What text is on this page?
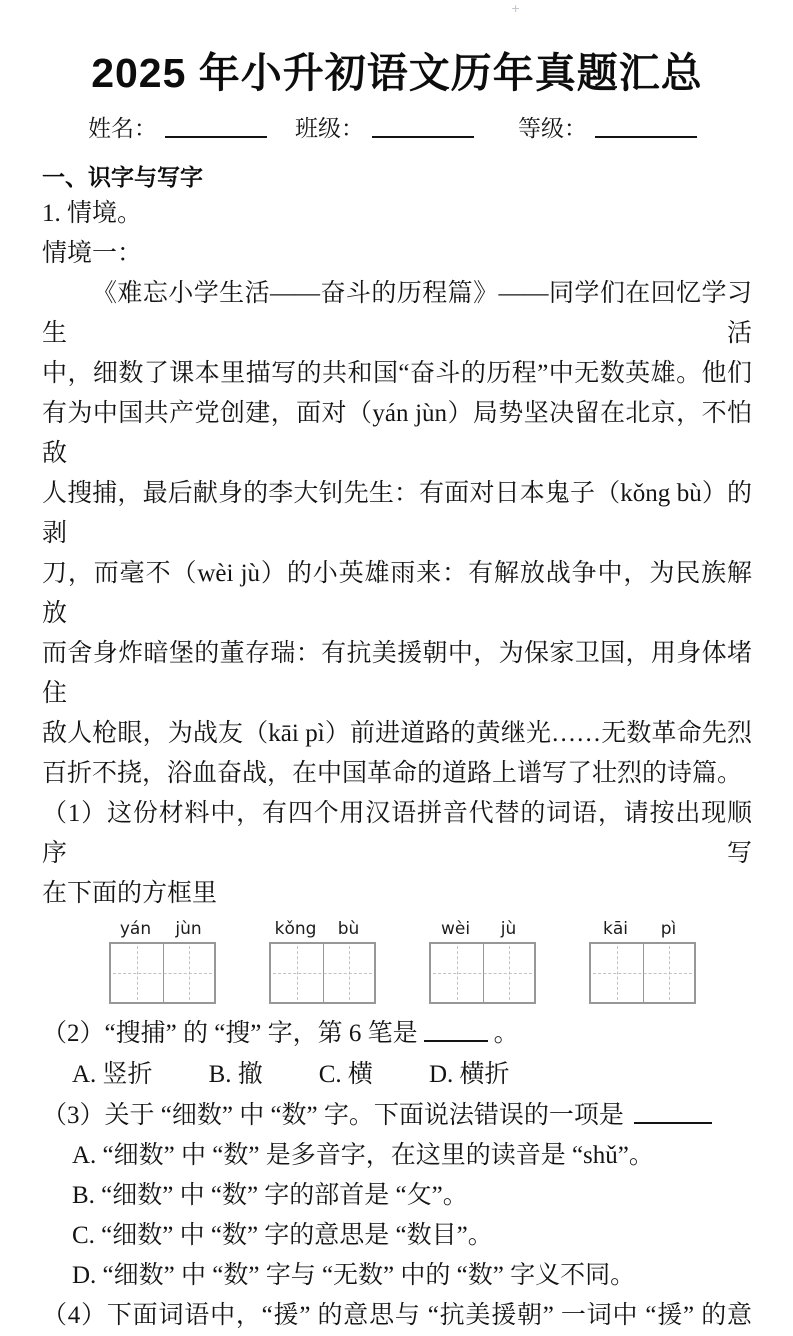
+
2025 年小升初语文历年真题汇总
姓名：	班级：	等级：
一、识字与写字
1. 情境。
情境一：
《难忘小学生活——奋斗的历程篇》——同学们在回忆学习生活
中，细数了课本里描写的共和国“奋斗的历程”中无数英雄。他们
有为中国共产党创建，面对（yán jùn）局势坚决留在北京，不怕敌
人搜捕，最后献身的李大钊先生：有面对日本鬼子（kǒng bù）的剥
刀，而毫不（wèi jù）的小英雄雨来：有解放战争中，为民族解放
而舍身炸暗堡的董存瑞：有抗美援朝中，为保家卫国，用身体堵住
敌人枪眼，为战友（kāi pì）前进道路的黄继光……无数革命先烈
百折不挠，浴血奋战，在中国革命的道路上谱写了壮烈的诗篇。
（1）这份材料中，有四个用汉语拼音代替的词语，请按出现顺序写
在下面的方框里
yán	jùn	kǒng	bù	wèi	jù	kāi	pì
（2）“搜捕” 的 “搜” 字，第 6 笔是	。
A. 竖折 B. 撤 C. 横 D. 横折
（3）关于 “细数” 中 “数” 字。下面说法错误的一项是
A. “细数” 中 “数” 是多音字，在这里的读音是 “shǔ”。
B. “细数” 中 “数” 字的部首是 “攵”。
C. “细数” 中 “数” 字的意思是 “数目”。
D. “细数” 中 “数” 字与 “无数” 中的 “数” 字义不同。
（4）下面词语中，“援” 的意思与 “抗美援朝” 一词中 “援” 的意
